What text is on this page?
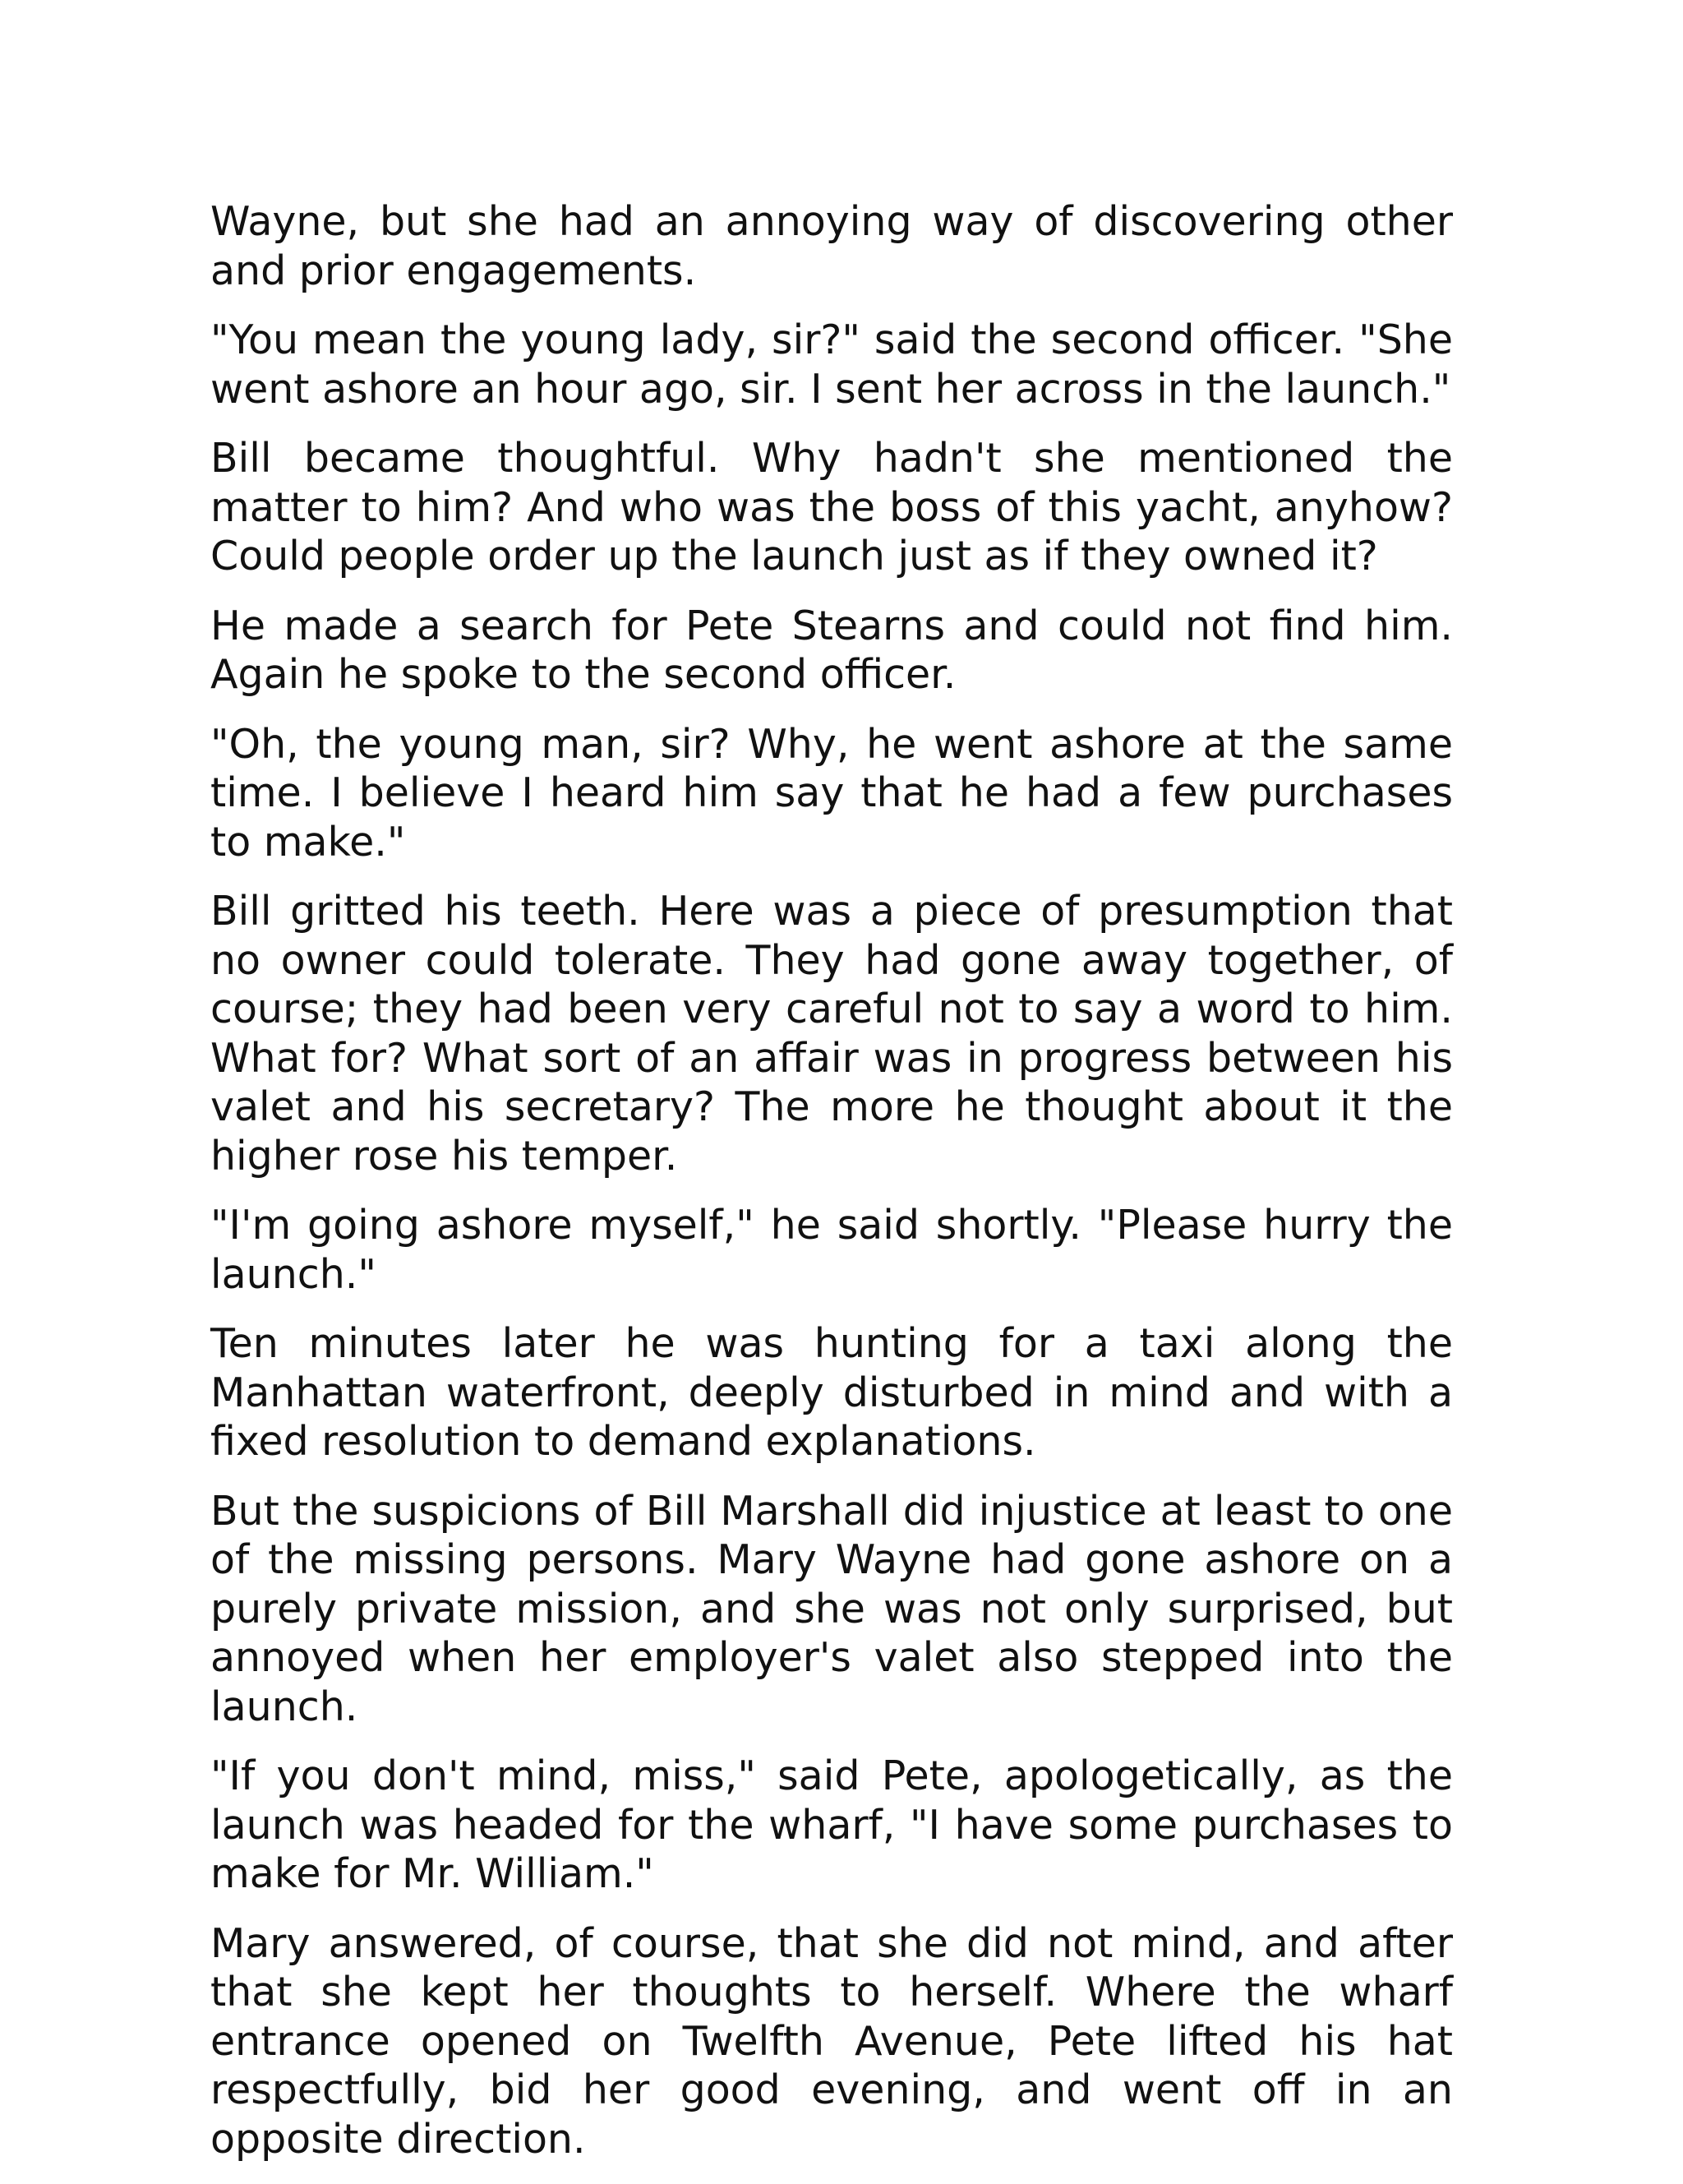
Wayne, but she had an annoying way of discovering other and prior engagements.

"You mean the young lady, sir?" said the second officer. "She went ashore an hour ago, sir. I sent her across in the launch."

Bill became thoughtful. Why hadn't she mentioned the matter to him? And who was the boss of this yacht, anyhow? Could people order up the launch just as if they owned it?

He made a search for Pete Stearns and could not find him. Again he spoke to the second officer.

"Oh, the young man, sir? Why, he went ashore at the same time. I believe I heard him say that he had a few purchases to make."

Bill gritted his teeth. Here was a piece of presumption that no owner could tolerate. They had gone away together, of course; they had been very careful not to say a word to him. What for? What sort of an affair was in progress between his valet and his secretary? The more he thought about it the higher rose his temper.

"I'm going ashore myself," he said shortly. "Please hurry the launch."

Ten minutes later he was hunting for a taxi along the Manhattan waterfront, deeply disturbed in mind and with a fixed resolution to demand explanations.

But the suspicions of Bill Marshall did injustice at least to one of the missing persons. Mary Wayne had gone ashore on a purely private mission, and she was not only surprised, but annoyed when her employer's valet also stepped into the launch.

"If you don't mind, miss," said Pete, apologetically, as the launch was headed for the wharf, "I have some purchases to make for Mr. William."

Mary answered, of course, that she did not mind, and after that she kept her thoughts to herself. Where the wharf entrance opened on Twelfth Avenue, Pete lifted his hat respectfully, bid her good evening, and went off in an opposite direction.
